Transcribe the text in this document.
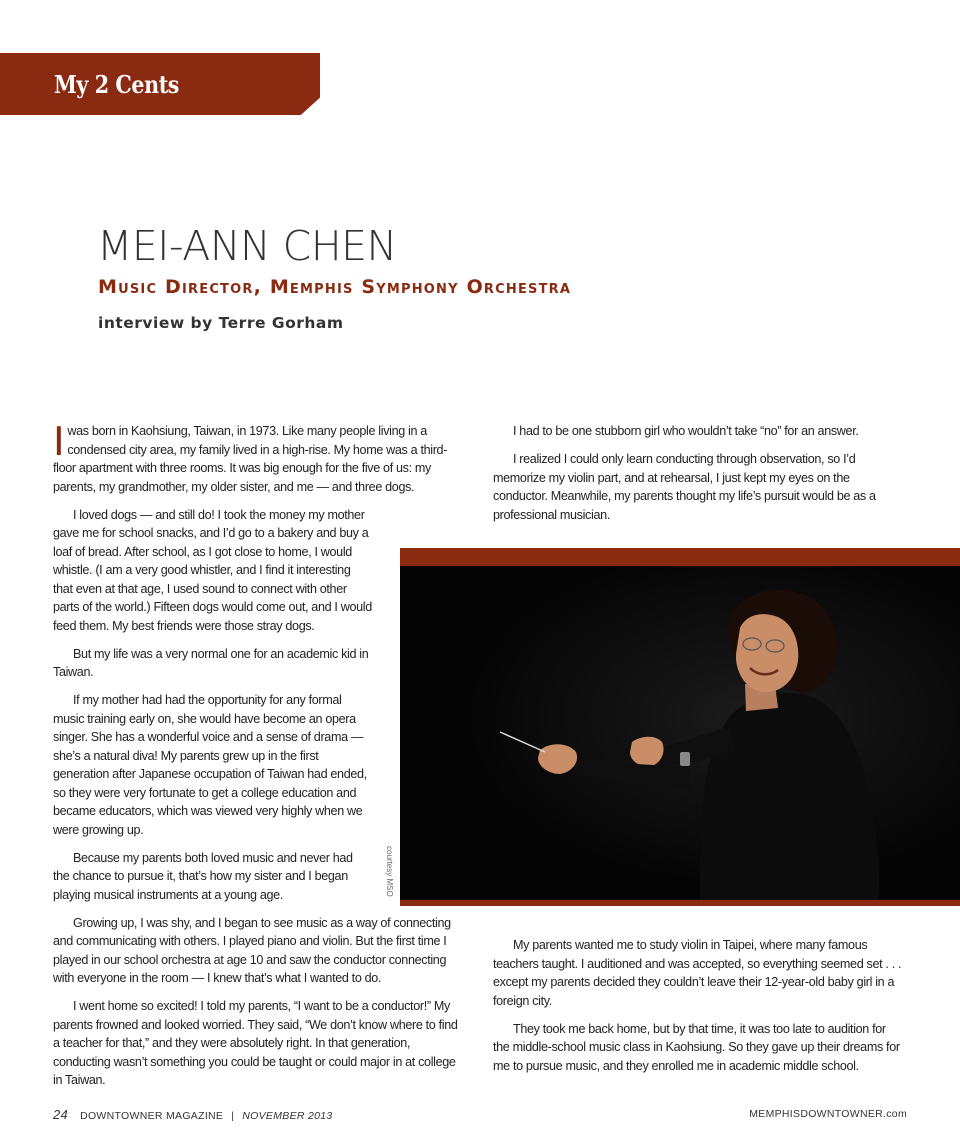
My 2 Cents
MEI-ANN CHEN
Music Director, Memphis Symphony Orchestra
interview by Terre Gorham

Iwas born in Kaohsiung, Taiwan, in 1973. Like many people living in a condensed city area, my family lived in a high-rise. My home was a third-floor apartment with three rooms. It was big enough for the five of us: my parents, my grandmother, my older sister, and me — and three dogs.

I loved dogs — and still do! I took the money my mother gave me for school snacks, and I’d go to a bakery and buy a loaf of bread. After school, as I got close to home, I would whistle. (I am a very good whistler, and I find it interesting that even at that age, I used sound to connect with other parts of the world.) Fifteen dogs would come out, and I would feed them. My best friends were those stray dogs.

But my life was a very normal one for an academic kid in Taiwan.

If my mother had had the opportunity for any formal music training early on, she would have become an opera singer. She has a wonderful voice and a sense of drama — she’s a natural diva! My parents grew up in the first generation after Japanese occupation of Taiwan had ended, so they were very fortunate to get a college education and became educators, which was viewed very highly when we were growing up.

Because my parents both loved music and never had the chance to pursue it, that’s how my sister and I began playing musical instruments at a young age.

Growing up, I was shy, and I began to see music as a way of connecting and communicating with others. I played piano and violin. But the first time I played in our school orchestra at age 10 and saw the conductor connecting with everyone in the room — I knew that’s what I wanted to do.

I went home so excited! I told my parents, “I want to be a conductor!” My parents frowned and looked worried. They said, “We don’t know where to find a teacher for that,” and they were absolutely right. In that generation, conducting wasn’t something you could be taught or could major in at college in Taiwan.

I had to be one stubborn girl who wouldn’t take “no” for an answer.

I realized I could only learn conducting through observation, so I’d memorize my violin part, and at rehearsal, I just kept my eyes on the conductor. Meanwhile, my parents thought my life’s pursuit would be as a professional musician.

courtesy MSO

My parents wanted me to study violin in Taipei, where many famous teachers taught. I auditioned and was accepted, so everything seemed set . . . except my parents decided they couldn’t leave their 12-year-old baby girl in a foreign city.

They took me back home, but by that time, it was too late to audition for the middle-school music class in Kaohsiung. So they gave up their dreams for me to pursue music, and they enrolled me in academic middle school.

24 DOWNTOWNER MAGAZINE | NOVEMBER 2013	MEMPHISDOWNTOWNER.com
